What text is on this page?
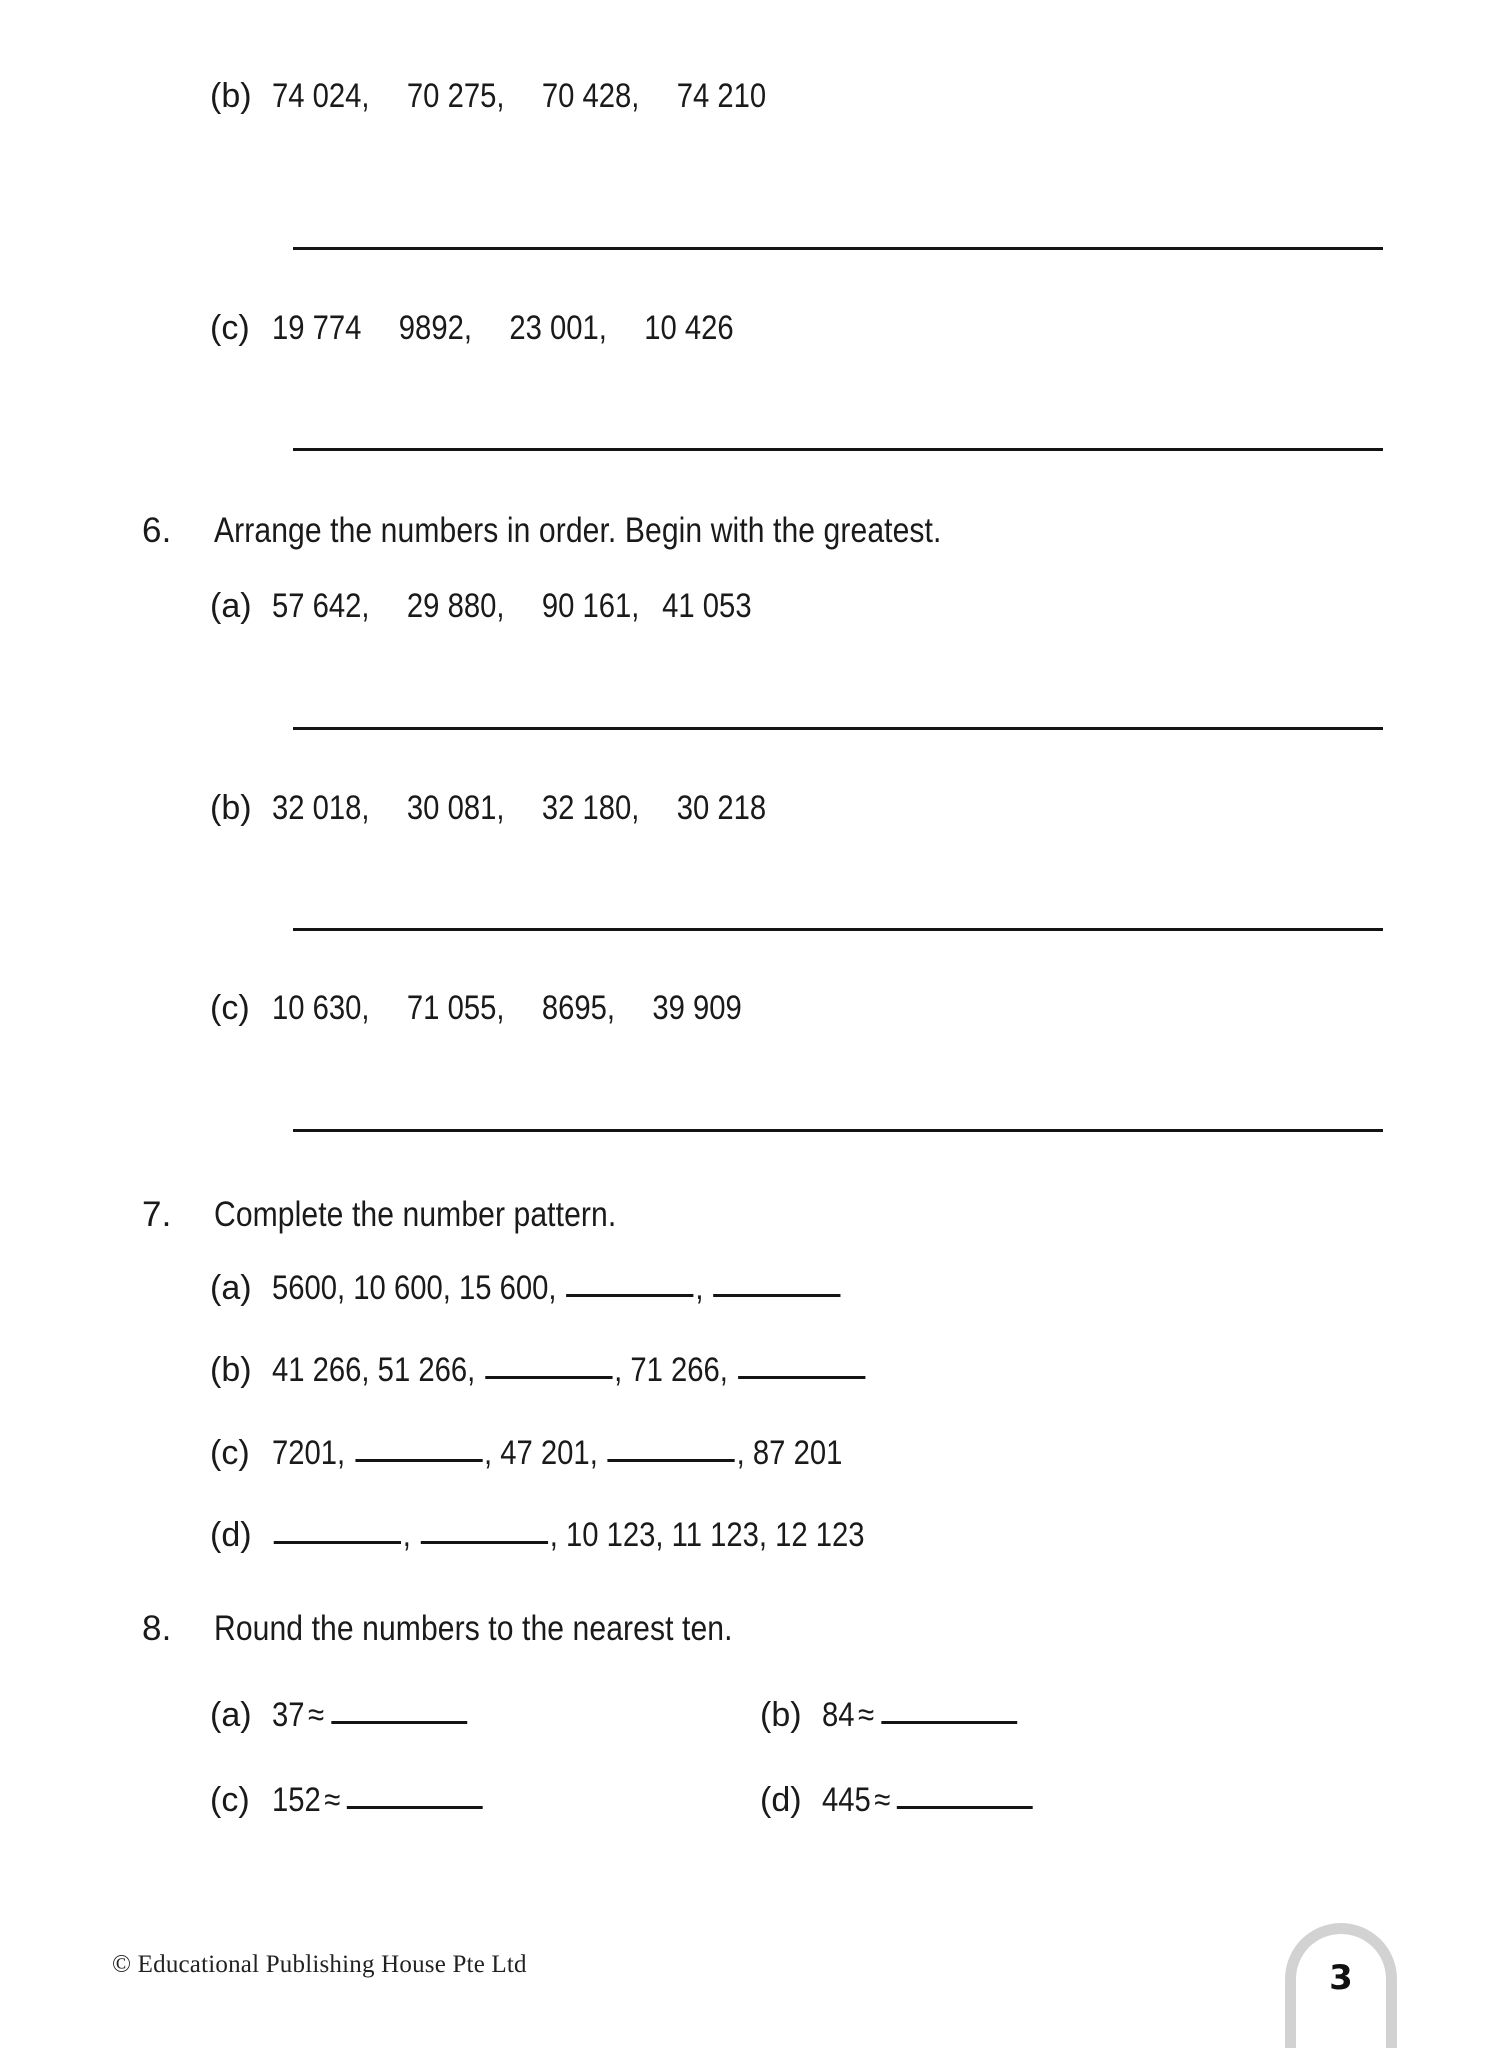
(b) 74 024,  70 275,  70 428,  74 210
(c) 19 774  9892,  23 001,  10 426
6.	Arrange the numbers in order. Begin with the greatest.
(a) 57 642,  29 880,  90 161,  41 053
(b) 32 018,  30 081,  32 180,  30 218
(c) 10 630,  71 055,  8695,  39 909
7.	Complete the number pattern.
(a) 5600, 10 600, 15 600,	,
(b) 41 266, 51 266,	, 71 266,
(c) 7201,	, 47 201,	, 87 201
(d)	,	, 10 123, 11 123, 12 123
8.	Round the numbers to the nearest ten.
(a) 37 ≈	(b) 84 ≈
(c) 152 ≈	(d) 445 ≈
© Educational Publishing House Pte Ltd	3
